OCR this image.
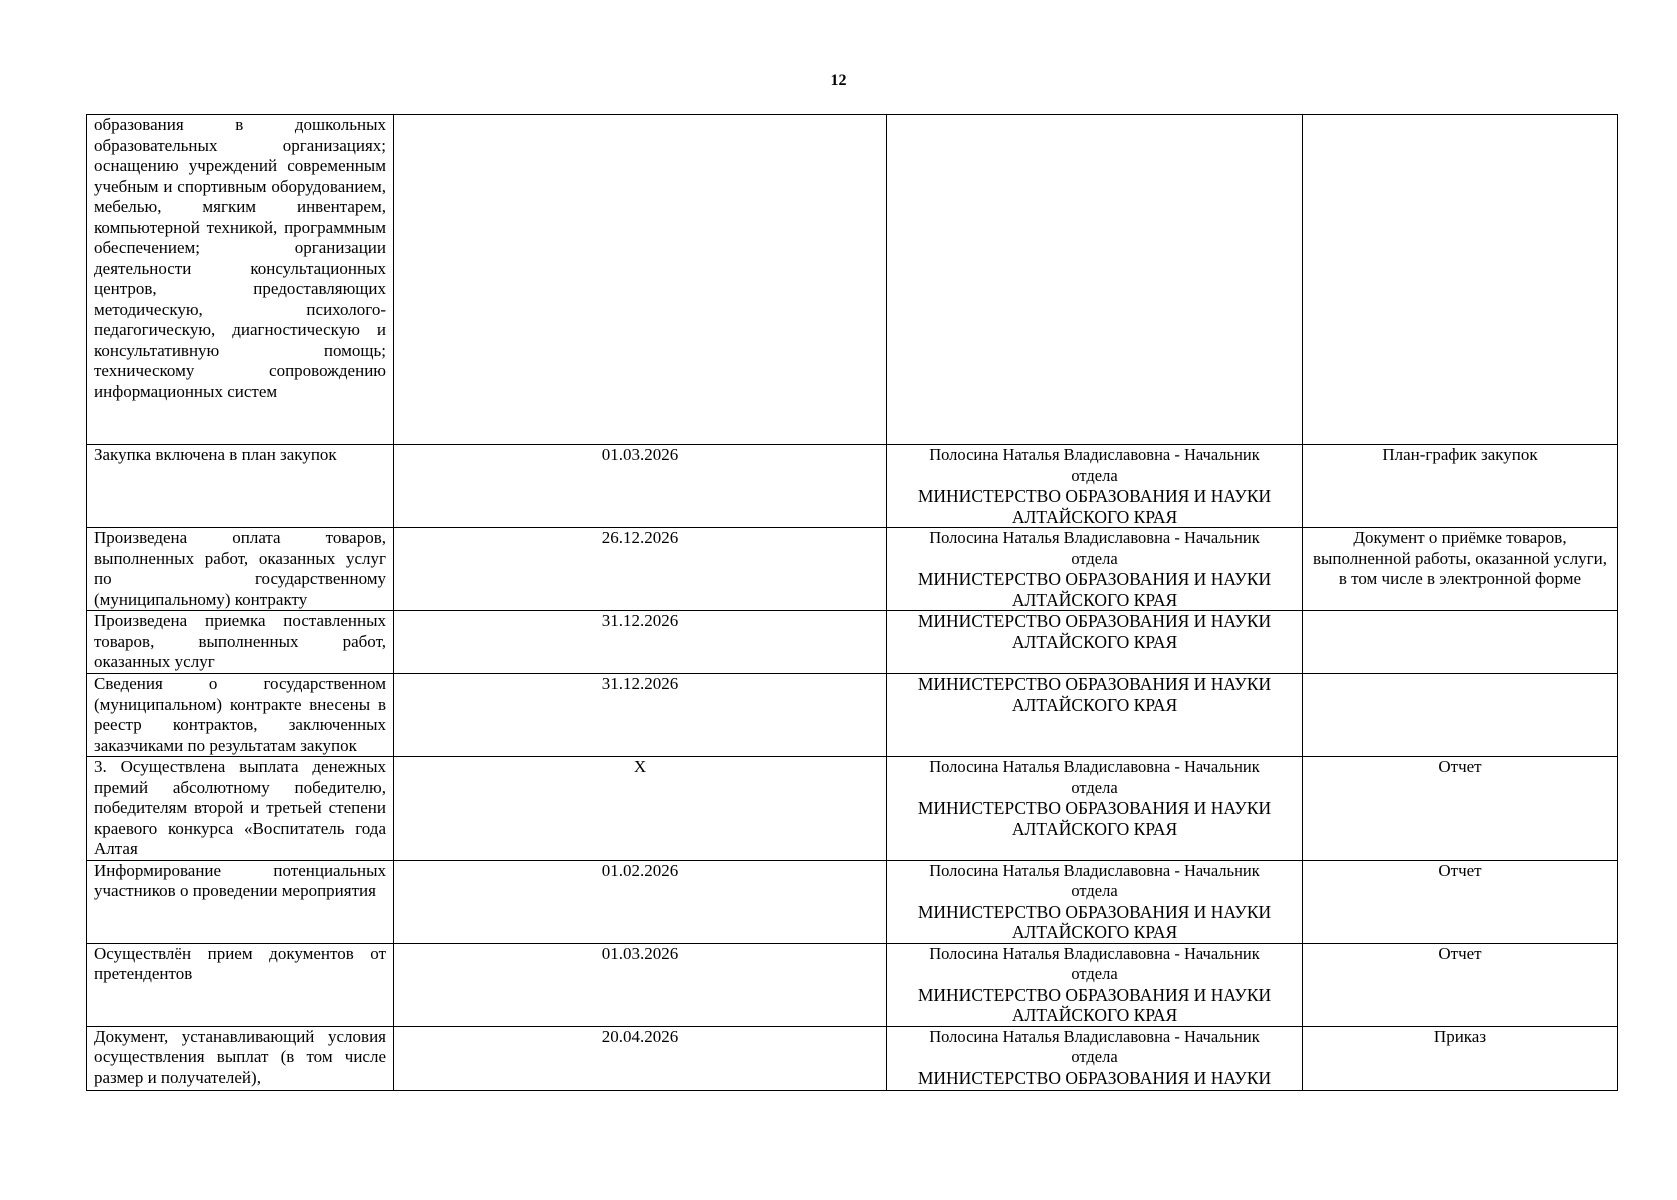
12
образования в дошкольных образовательных организациях; оснащению учреждений современным учебным и спортивным оборудованием, мебелью, мягким инвентарем, компьютерной техникой, программным обеспечением; организации деятельности консультационных центров, предоставляющих методическую, психолого-педагогическую, диагностическую и консультативную помощь; техническому сопровождению информационных систем		

Закупка включена в план закупок	01.03.2026	Полосина Наталья Владиславовна - Начальник
отдела
МИНИСТЕРСТВО ОБРАЗОВАНИЯ И НАУКИ АЛТАЙСКОГО КРАЯ	План-график закупок
Произведена оплата товаров, выполненных работ, оказанных услуг по государственному (муниципальному) контракту	26.12.2026	Полосина Наталья Владиславовна - Начальник
отдела
МИНИСТЕРСТВО ОБРАЗОВАНИЯ И НАУКИ АЛТАЙСКОГО КРАЯ	Документ о приёмке товаров, выполненной работы, оказанной услуги, в том числе в электронной форме
Произведена приемка поставленных товаров, выполненных работ, оказанных услуг	31.12.2026	МИНИСТЕРСТВО ОБРАЗОВАНИЯ И НАУКИ АЛТАЙСКОГО КРАЯ	

Сведения о государственном (муниципальном) контракте внесены в реестр контрактов, заключенных заказчиками по результатам закупок	31.12.2026	МИНИСТЕРСТВО ОБРАЗОВАНИЯ И НАУКИ АЛТАЙСКОГО КРАЯ	

3. Осуществлена выплата денежных премий абсолютному победителю, победителям второй и третьей степени краевого конкурса «Воспитатель года Алтая	X	Полосина Наталья Владиславовна - Начальник
отдела
МИНИСТЕРСТВО ОБРАЗОВАНИЯ И НАУКИ АЛТАЙСКОГО КРАЯ	Отчет
Информирование потенциальных участников о проведении мероприятия	01.02.2026	Полосина Наталья Владиславовна - Начальник
отдела
МИНИСТЕРСТВО ОБРАЗОВАНИЯ И НАУКИ АЛТАЙСКОГО КРАЯ	Отчет
Осуществлён прием документов от претендентов	01.03.2026	Полосина Наталья Владиславовна - Начальник
отдела
МИНИСТЕРСТВО ОБРАЗОВАНИЯ И НАУКИ АЛТАЙСКОГО КРАЯ	Отчет
Документ, устанавливающий условия осуществления выплат (в том числе размер и получателей),	20.04.2026	Полосина Наталья Владиславовна - Начальник
отдела
МИНИСТЕРСТВО ОБРАЗОВАНИЯ И НАУКИ	Приказ
